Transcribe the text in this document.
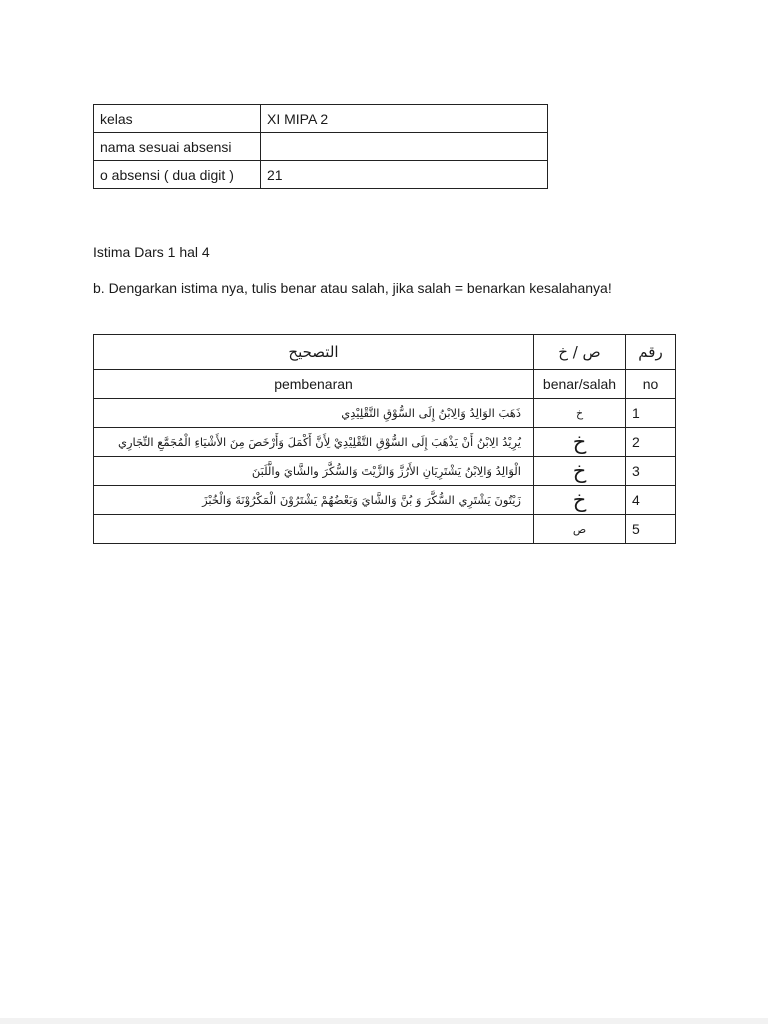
kelas	XI MIPA 2
nama sesuai absensi	
o absensi ( dua digit )	21
Istima Dars 1 hal 4
b. Dengarkan istima nya, tulis benar atau salah, jika salah = benarkan kesalahanya!
التصحيح	ص / خ	رقم
pembenaran	benar/salah	no
ذَهَبَ الوَالِدُ وَالِابْنُ إِلَى السُّوْقِ التَّقْلِيْدِي	خ	1
يُرِيْدُ الِابْنُ أَنْ يَذْهَبَ إِلَى السُّوْقِ التَّقْلِيْدِيْ لِأَنَّ أَكْمَلَ وَأَرْخَصَ مِنَ الأَشْيَاءِ الْمُجَمَّعِ التِّجَارِي	خ	2
الْوَالِدُ وَالِابْنُ يَشْتَرِيَانِ الأَرُزَّ وَالزَّيْتَ وَالسُّكَّرَ والشَّايَ والَّلَبَنَ	خ	3
زَيْتُونَ يَشْتَرِي السُّكَّرَ وَ بُنَّ وَالشَّايَ وَبَعْضُهُمْ يَشْتَرُوْنَ الْمَكْرُوْنَةَ وَالْخُبْزَ	خ	4
	ص	5
